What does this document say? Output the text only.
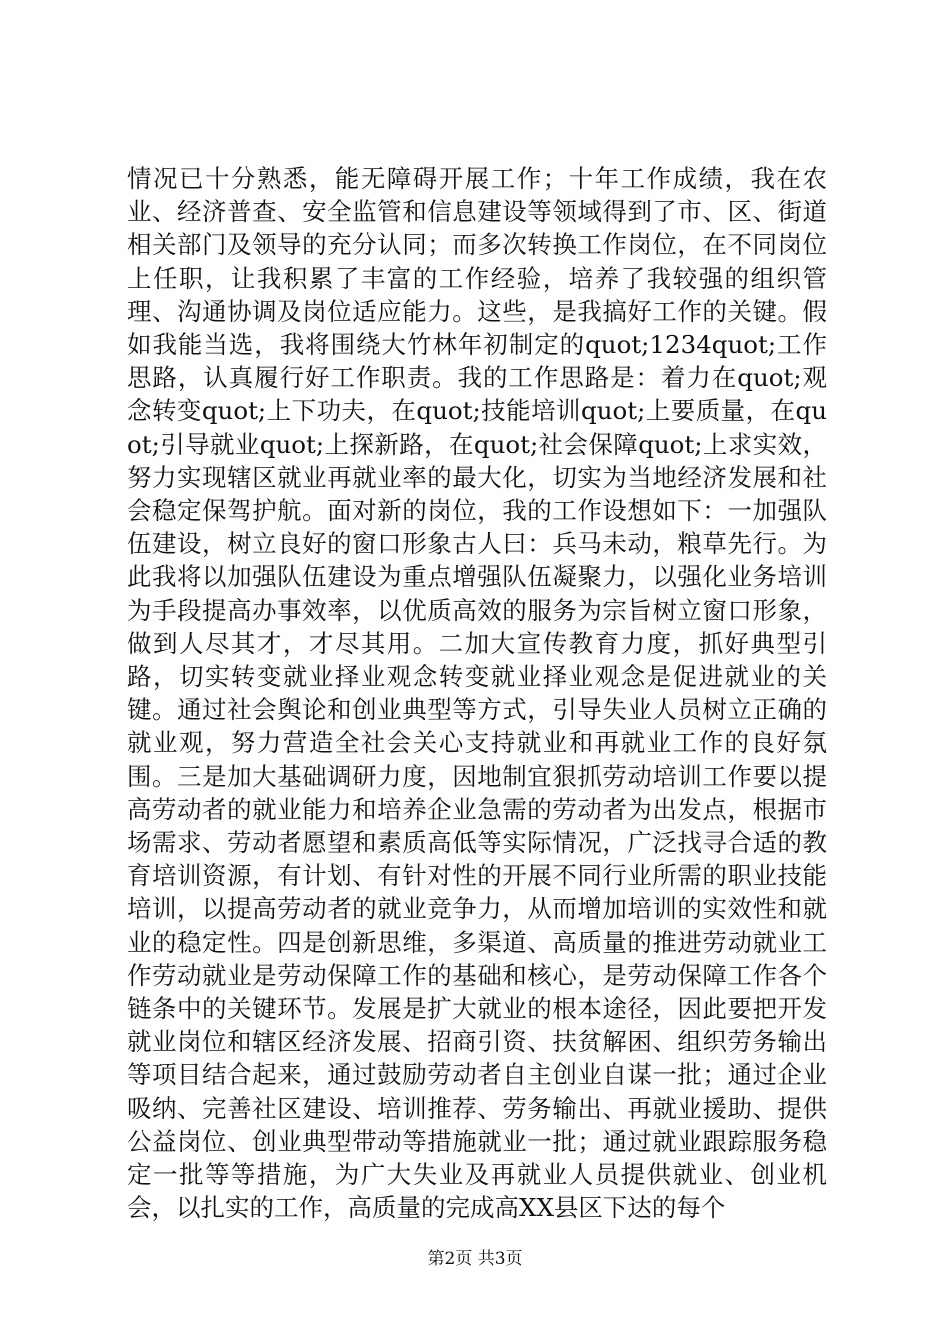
情况已十分熟悉，能无障碍开展工作；十年工作成绩，我在农业、经济普查、安全监管和信息建设等领域得到了市、区、街道相关部门及领导的充分认同；而多次转换工作岗位，在不同岗位上任职，让我积累了丰富的工作经验，培养了我较强的组织管理、沟通协调及岗位适应能力。这些，是我搞好工作的关键。假如我能当选，我将围绕大竹林年初制定的quot;1234quot;工作思路，认真履行好工作职责。我的工作思路是：着力在quot;观念转变quot;上下功夫，在quot;技能培训quot;上要质量，在quot;引导就业quot;上探新路，在quot;社会保障quot;上求实效，努力实现辖区就业再就业率的最大化，切实为当地经济发展和社会稳定保驾护航。面对新的岗位，我的工作设想如下：一加强队伍建设，树立良好的窗口形象古人曰：兵马未动，粮草先行。为此我将以加强队伍建设为重点增强队伍凝聚力，以强化业务培训为手段提高办事效率，以优质高效的服务为宗旨树立窗口形象，做到人尽其才，才尽其用。二加大宣传教育力度，抓好典型引路，切实转变就业择业观念转变就业择业观念是促进就业的关键。通过社会舆论和创业典型等方式，引导失业人员树立正确的就业观，努力营造全社会关心支持就业和再就业工作的良好氛围。三是加大基础调研力度，因地制宜狠抓劳动培训工作要以提高劳动者的就业能力和培养企业急需的劳动者为出发点，根据市场需求、劳动者愿望和素质高低等实际情况，广泛找寻合适的教育培训资源，有计划、有针对性的开展不同行业所需的职业技能培训，以提高劳动者的就业竞争力，从而增加培训的实效性和就业的稳定性。四是创新思维，多渠道、高质量的推进劳动就业工作劳动就业是劳动保障工作的基础和核心，是劳动保障工作各个链条中的关键环节。发展是扩大就业的根本途径，因此要把开发就业岗位和辖区经济发展、招商引资、扶贫解困、组织劳务输出等项目结合起来，通过鼓励劳动者自主创业自谋一批；通过企业吸纳、完善社区建设、培训推荐、劳务输出、再就业援助、提供公益岗位、创业典型带动等措施就业一批；通过就业跟踪服务稳定一批等等措施，为广大失业及再就业人员提供就业、创业机会，以扎实的工作，高质量的完成高XX县区下达的每个

第2页 共3页
